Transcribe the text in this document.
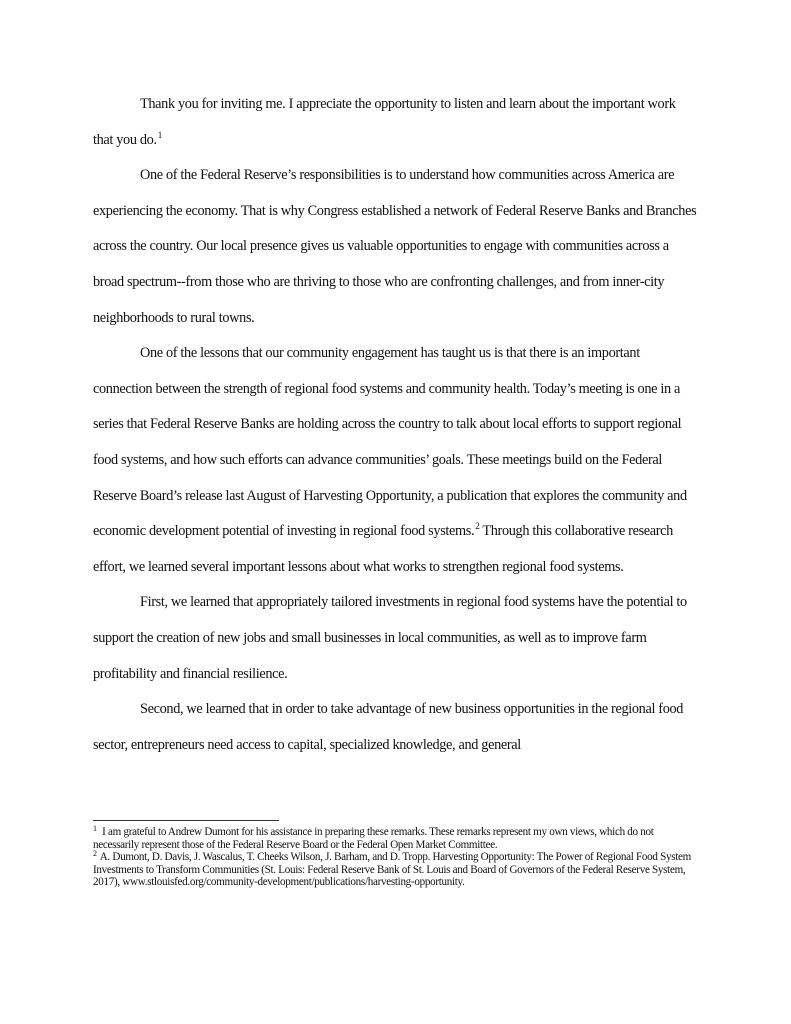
Thank you for inviting me. I appreciate the opportunity to listen and learn about the important work that you do.$^1$

One of the Federal Reserve’s responsibilities is to understand how communities across America are experiencing the economy. That is why Congress established a network of Federal Reserve Banks and Branches across the country. Our local presence gives us valuable opportunities to engage with communities across a broad spectrum--from those who are thriving to those who are confronting challenges, and from inner-city neighborhoods to rural towns.

One of the lessons that our community engagement has taught us is that there is an important connection between the strength of regional food systems and community health. Today’s meeting is one in a series that Federal Reserve Banks are holding across the country to talk about local efforts to support regional food systems, and how such efforts can advance communities’ goals. These meetings build on the Federal Reserve Board’s release last August of Harvesting Opportunity, a publication that explores the community and economic development potential of investing in regional food systems.$^2$ Through this collaborative research effort, we learned several important lessons about what works to strengthen regional food systems.

First, we learned that appropriately tailored investments in regional food systems have the potential to support the creation of new jobs and small businesses in local communities, as well as to improve farm profitability and financial resilience.

Second, we learned that in order to take advantage of new business opportunities in the regional food sector, entrepreneurs need access to capital, specialized knowledge, and general

$^1$ I am grateful to Andrew Dumont for his assistance in preparing these remarks. These remarks represent my own views, which do not necessarily represent those of the Federal Reserve Board or the Federal Open Market Committee.

$^2$ A. Dumont, D. Davis, J. Wascalus, T. Cheeks Wilson, J. Barham, and D. Tropp. Harvesting Opportunity: The Power of Regional Food System Investments to Transform Communities (St. Louis: Federal Reserve Bank of St. Louis and Board of Governors of the Federal Reserve System, 2017), www.stlouisfed.org/community-development/publications/harvesting-opportunity.
